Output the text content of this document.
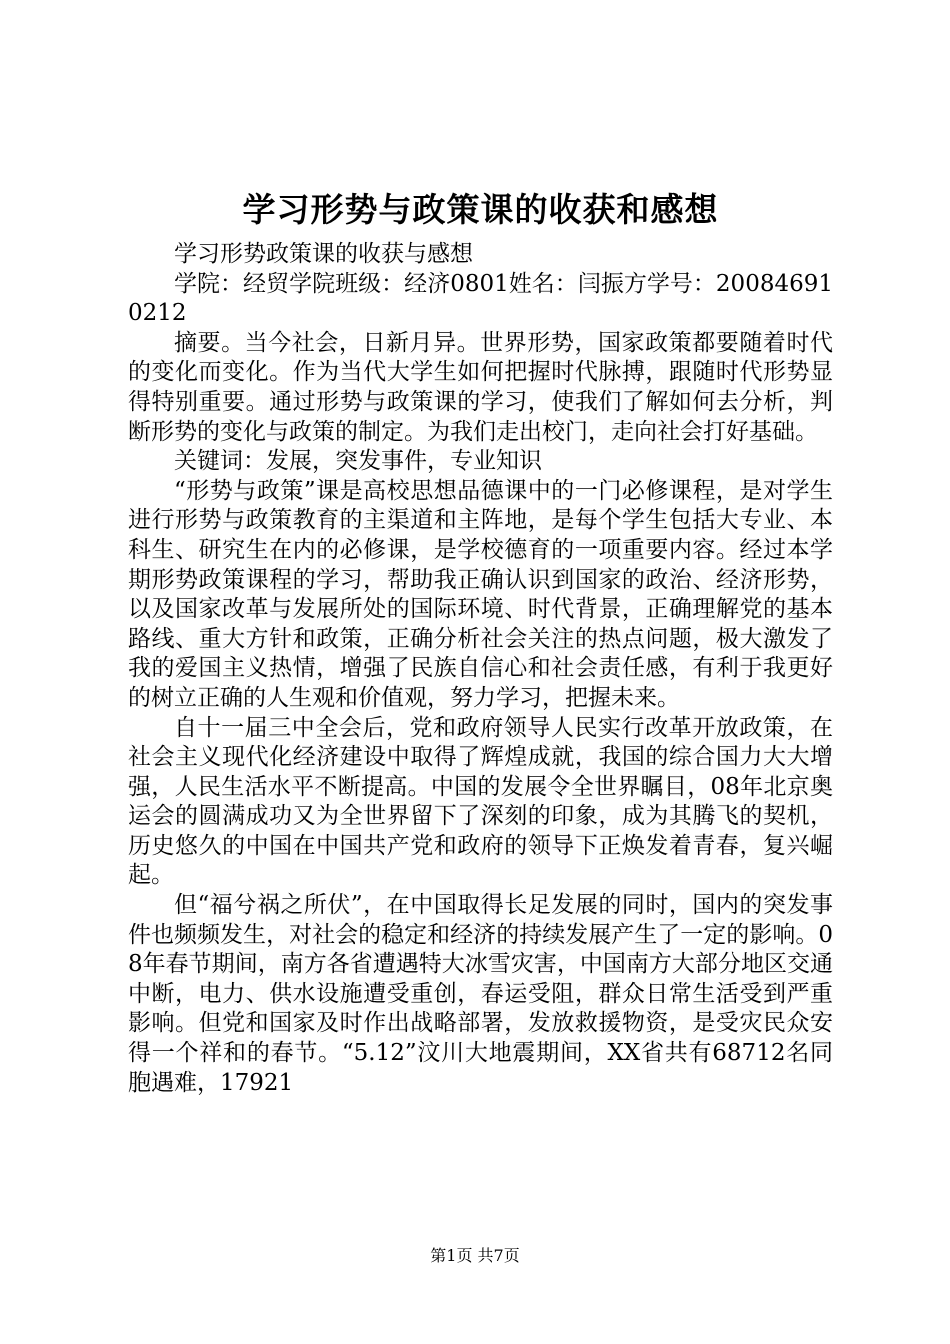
学习形势与政策课的收获和感想

学习形势政策课的收获与感想

学院：经贸学院班级：经济0801姓名：闫振方学号：200846910212

摘要。当今社会，日新月异。世界形势，国家政策都要随着时代的变化而变化。作为当代大学生如何把握时代脉搏，跟随时代形势显得特别重要。通过形势与政策课的学习，使我们了解如何去分析，判断形势的变化与政策的制定。为我们走出校门，走向社会打好基础。

关键词：发展，突发事件，专业知识

“形势与政策”课是高校思想品德课中的一门必修课程，是对学生进行形势与政策教育的主渠道和主阵地，是每个学生包括大专业、本科生、研究生在内的必修课，是学校德育的一项重要内容。经过本学期形势政策课程的学习，帮助我正确认识到国家的政治、经济形势，以及国家改革与发展所处的国际环境、时代背景，正确理解党的基本路线、重大方针和政策，正确分析社会关注的热点问题，极大激发了我的爱国主义热情，增强了民族自信心和社会责任感，有利于我更好的树立正确的人生观和价值观，努力学习，把握未来。

自十一届三中全会后，党和政府领导人民实行改革开放政策，在社会主义现代化经济建设中取得了辉煌成就，我国的综合国力大大增强，人民生活水平不断提高。中国的发展令全世界瞩目，08年北京奥运会的圆满成功又为全世界留下了深刻的印象，成为其腾飞的契机，历史悠久的中国在中国共产党和政府的领导下正焕发着青春，复兴崛起。

但“福兮祸之所伏”，在中国取得长足发展的同时，国内的突发事件也频频发生，对社会的稳定和经济的持续发展产生了一定的影响。08年春节期间，南方各省遭遇特大冰雪灾害，中国南方大部分地区交通中断，电力、供水设施遭受重创，春运受阻，群众日常生活受到严重影响。但党和国家及时作出战略部署，发放救援物资，是受灾民众安得一个祥和的春节。“5.12”汶川大地震期间，XX省共有68712名同胞遇难，17921

第1页 共7页
